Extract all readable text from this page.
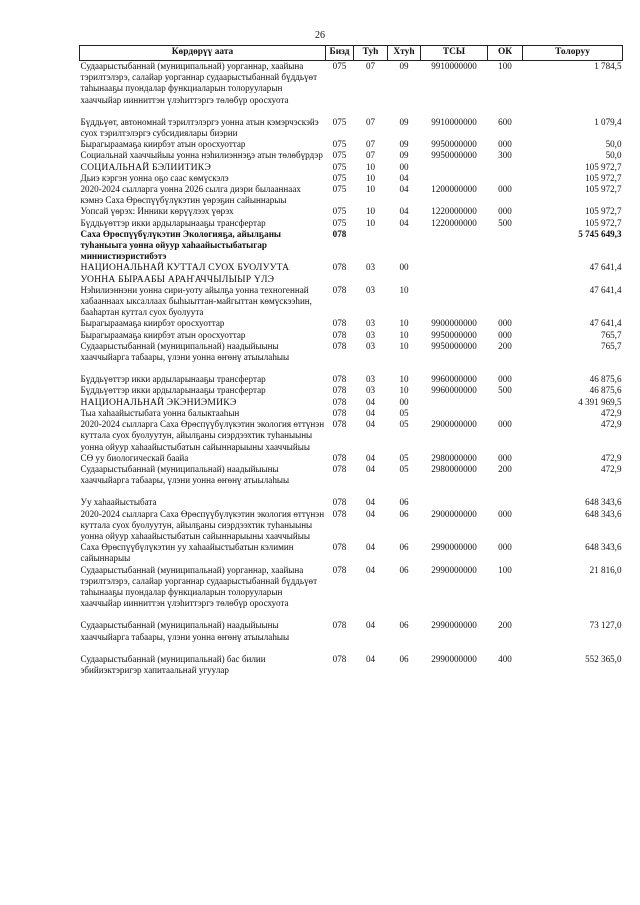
26
Көрдөрүү аата	Бизд	Туh	Хтуh	ТСЫ	ОК	Толоруу
Судаарыстыбаннай (муниципальнай) уорганнар, хаайына тэрилтэлэрэ, салайар уорганнар судаарыстыбаннай бүддьүөт таhынааҕы пуондалар функциаларын толорууларын хааччыйар иинниттэн үлэhиттэргэ төлөбүр оросхуота	075	07	09	9910000000	100	1 784,5

Бүддьүөт, автономнай тэрилтэлэргэ уонна атын кэмэрчэскэйэ суох тэрилтэлэргэ субсидиялары биэрии	075	07	09	9910000000	600	1 079,4
Бырагыраамаҕа киирбэт атын оросхуоттар	075	07	09	9950000000	000	50,0
Социальнай хааччыйыы уонна нэһилиэннэҕэ атын төлөбүрдэр	075	07	09	9950000000	300	50,0
СОЦИАЛЬНАЙ БЭЛИИТИКЭ	075	10	00			105 972,7
Дьиэ кэргэн уонна оҕо саас көмүскэлэ	075	10	04			105 972,7
2020-2024 сылларга уонна 2026 сылга диэри былааннаах кэмнэ Саха Өрөспүүбүлүкэтин үөрэҕин сайыннарыы	075	10	04	1200000000	000	105 972,7
Уопсай үөрэх: Инники көрүүлээх үөрэх	075	10	04	1220000000	000	105 972,7
Бүддьүөттэр икки ардыларынааҕы трансфертар	075	10	04	1220000000	500	105 972,7
Саха Өрөспүүбүлүкэтин Экологияҕа, айылҕаны туhаныыга уонна ойуур хаhаайыстыбатыгар миниистиэристибэтэ	078					5 745 649,3
НАЦИОНАЛЬНАЙ КУТТАЛ СУОХ БУОЛУУТА УОННА БЫРААБЫ АРАҤАЧЧЫЛЫЫР ҮЛЭ	078	03	00			47 641,4
Нэһилиэннэни уонна сири-уоту айылҕа уонна техногеннай хабааннаах ыксаллаах быһыыттан-майгыттан көмүскээһин, бааһартан куттал суох буолуута	078	03	10			47 641,4
Бырагыраамаҕа киирбэт оросхуоттар	078	03	10	9900000000	000	47 641,4
Бырагыраамаҕа киирбэт атын оросхуоттар	078	03	10	9950000000	000	765,7
Судаарыстыбаннай (муниципальнай) наадыйыыны хааччыйарга табаары, үлэни уонна өҥөнү атыылаhыы	078	03	10	9950000000	200	765,7

Бүддьүөттэр икки ардыларынааҕы трансфертар	078	03	10	9960000000	000	46 875,6
Бүддьүөттэр икки ардыларынааҕы трансфертар	078	03	10	9960000000	500	46 875,6
НАЦИОНАЛЬНАЙ ЭКЭНИЭМИКЭ	078	04	00			4 391 969,5
Тыа хаhаайыстыбата уонна балыктааhын	078	04	05			472,9
2020-2024 сылларга Саха Өрөспүүбүлүкэтин экология өттүнэн куттала суох буолуутун, айылҕаны сиэрдээхтик туhаныыны уонна ойуур хаhаайыстыбатын сайыннарыыны хааччыйыы	078	04	05	2900000000	000	472,9
СӨ уу биологическай баайа	078	04	05	2980000000	000	472,9
Судаарыстыбаннай (муниципальнай) наадыйыыны хааччыйарга табаары, үлэни уонна өҥөнү атыылаhыы	078	04	05	2980000000	200	472,9

Уу хаhаайыстыбата	078	04	06			648 343,6
2020-2024 сылларга Саха Өрөспүүбүлүкэтин экология өттүнэн куттала суох буолуутун, айылҕаны сиэрдээхтик туhаныыны уонна ойуур хаhаайыстыбатын сайыннарыыны хааччыйыы	078	04	06	2900000000	000	648 343,6
Саха Өрөспүүбүлүкэтин уу хаhаайыстыбатын кэлимин сайыннарыы	078	04	06	2990000000	000	648 343,6
Судаарыстыбаннай (муниципальнай) уорганнар, хаайына тэрилтэлэрэ, салайар уорганнар судаарыстыбаннай бүддьүөт таhынааҕы пуондалар функциаларын толорууларын хааччыйар иинниттэн үлэhиттэргэ төлөбүр оросхуота	078	04	06	2990000000	100	21 816,0

Судаарыстыбаннай (муниципальнай) наадыйыыны хааччыйарга табаары, үлэни уонна өҥөнү атыылаhыы	078	04	06	2990000000	200	73 127,0

Судаарыстыбаннай (муниципальнай) бас билии эбийиэктэригэр хапитаальнай угуулар	078	04	06	2990000000	400	552 365,0
